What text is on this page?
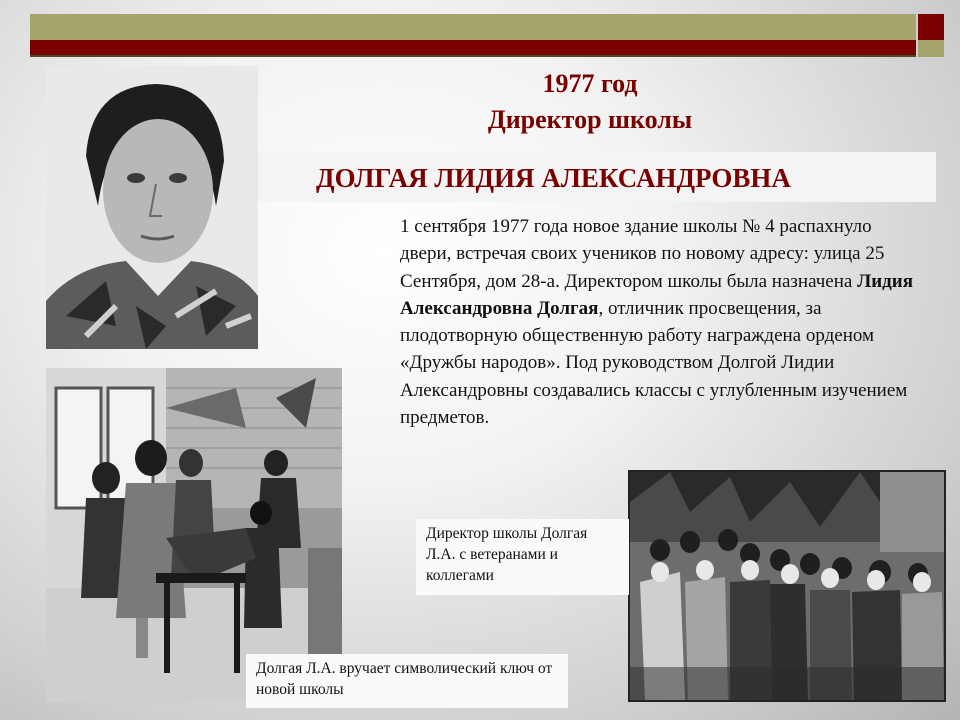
1977 год
Директор школы
ДОЛГАЯ ЛИДИЯ АЛЕКСАНДРОВНА
1 сентября 1977 года новое здание школы № 4 распахнуло двери, встречая своих учеников по новому адресу: улица 25 Сентября, дом 28-а. Директором школы была назначена Лидия Александровна Долгая, отличник просвещения, за плодотворную общественную работу награждена орденом «Дружбы народов». Под руководством Долгой Лидии Александровны создавались классы с углубленным изучением предметов.
Директор школы Долгая Л.А. с ветеранами и коллегами
Долгая Л.А. вручает символический ключ от новой школы
